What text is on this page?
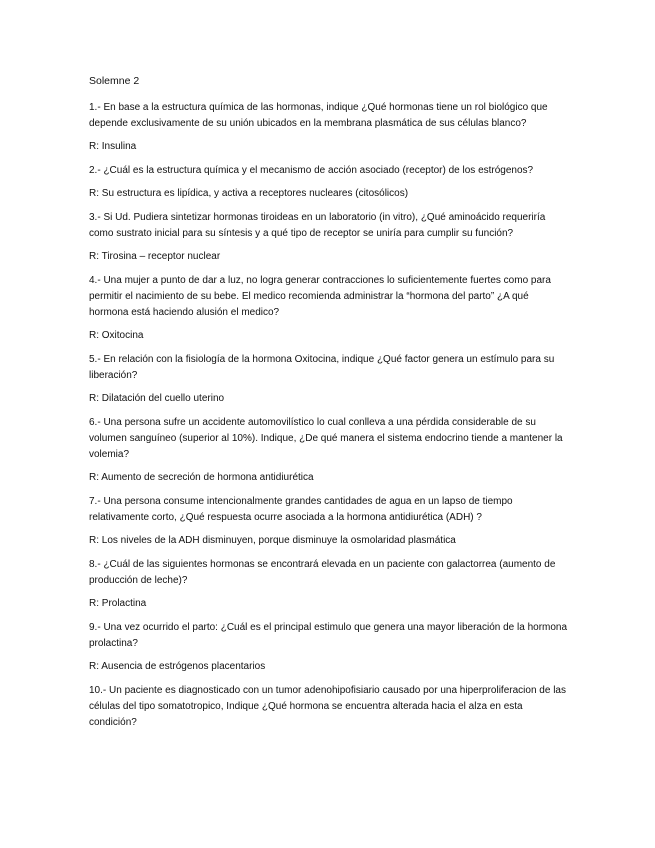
Solemne 2
1.- En base a la estructura química de las hormonas, indique ¿Qué hormonas tiene un rol biológico que depende exclusivamente de su unión ubicados en la membrana plasmática de sus células blanco?
R: Insulina
2.- ¿Cuál es la estructura química y el mecanismo de acción asociado (receptor) de los estrógenos?
R: Su estructura es lipídica, y activa a receptores nucleares (citosólicos)
3.- Si Ud. Pudiera sintetizar hormonas tiroideas en un laboratorio (in vitro), ¿Qué aminoácido requeriría como sustrato inicial para su síntesis y a qué tipo de receptor se uniría para cumplir su función?
R: Tirosina – receptor nuclear
4.- Una mujer a punto de dar a luz, no logra generar contracciones lo suficientemente fuertes como para permitir el nacimiento de su bebe. El medico recomienda administrar la “hormona del parto” ¿A qué hormona está haciendo alusión el medico?
R: Oxitocina
5.- En relación con la fisiología de la hormona Oxitocina, indique ¿Qué factor genera un estímulo para su liberación?
R: Dilatación del cuello uterino
6.- Una persona sufre un accidente automovilístico lo cual conlleva a una pérdida considerable de su volumen sanguíneo (superior al 10%). Indique, ¿De qué manera el sistema endocrino tiende a mantener la volemia?
R: Aumento de secreción de hormona antidiurética
7.- Una persona consume intencionalmente grandes cantidades de agua en un lapso de tiempo relativamente corto, ¿Qué respuesta ocurre asociada a la hormona antidiurética (ADH) ?
R: Los niveles de la ADH disminuyen, porque disminuye la osmolaridad plasmática
8.- ¿Cuál de las siguientes hormonas se encontrará elevada en un paciente con galactorrea (aumento de producción de leche)?
R: Prolactina
9.- Una vez ocurrido el parto: ¿Cuál es el principal estimulo que genera una mayor liberación de la hormona prolactina?
R: Ausencia de estrógenos placentarios
10.- Un paciente es diagnosticado con un tumor adenohipofisiario causado por una hiperproliferacion de las células del tipo somatotropico, Indique ¿Qué hormona se encuentra alterada hacia el alza en esta condición?
